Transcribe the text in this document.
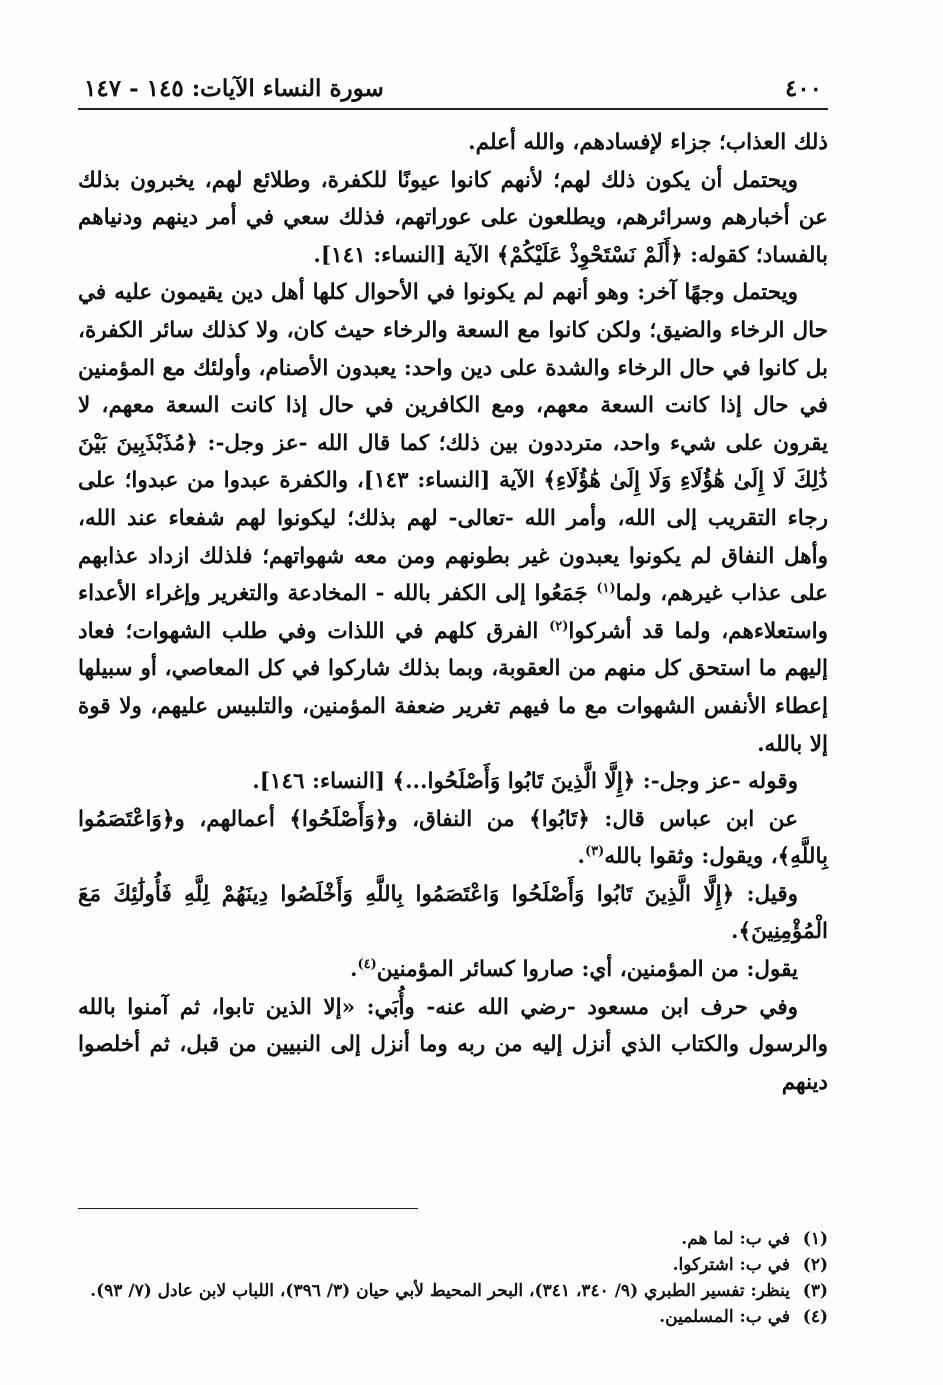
٤٠٠
سورة النساء الآيات: ١٤٥ - ١٤٧

ذلك العذاب؛ جزاء لإفسادهم، والله أعلم.

ويحتمل أن يكون ذلك لهم؛ لأنهم كانوا عيونًا للكفرة، وطلائع لهم، يخبرون بذلك عن أخبارهم وسرائرهم، ويطلعون على عوراتهم، فذلك سعي في أمر دينهم ودنياهم بالفساد؛ كقوله: ﴿أَلَمْ نَسْتَحْوِذْ عَلَيْكُمْ﴾ الآية [النساء: ١٤١].

ويحتمل وجهًا آخر: وهو أنهم لم يكونوا في الأحوال كلها أهل دين يقيمون عليه في حال الرخاء والضيق؛ ولكن كانوا مع السعة والرخاء حيث كان، ولا كذلك سائر الكفرة، بل كانوا في حال الرخاء والشدة على دين واحد: يعبدون الأصنام، وأولئك مع المؤمنين في حال إذا كانت السعة معهم، ومع الكافرين في حال إذا كانت السعة معهم، لا يقرون على شيء واحد، مترددون بين ذلك؛ كما قال الله -عز وجل-: ﴿مُذَبْذَبِينَ بَيْنَ ذَٰلِكَ لَا إِلَىٰ هَٰؤُلَاءِ وَلَا إِلَىٰ هَٰؤُلَاءِ﴾ الآية [النساء: ١٤٣]، والكفرة عبدوا من عبدوا؛ على رجاء التقريب إلى الله، وأمر الله -تعالى- لهم بذلك؛ ليكونوا لهم شفعاء عند الله، وأهل النفاق لم يكونوا يعبدون غير بطونهم ومن معه شهواتهم؛ فلذلك ازداد عذابهم على عذاب غيرهم، ولما$^{(١)}$ جَمَعُوا إلى الكفر بالله - المخادعة والتغرير وإغراء الأعداء واستعلاءهم، ولما قد أشركوا$^{(٢)}$ الفرق كلهم في اللذات وفي طلب الشهوات؛ فعاد إليهم ما استحق كل منهم من العقوبة، وبما بذلك شاركوا في كل المعاصي، أو سبيلها إعطاء الأنفس الشهوات مع ما فيهم تغرير ضعفة المؤمنين، والتلبيس عليهم، ولا قوة إلا بالله.

وقوله -عز وجل-: ﴿إِلَّا الَّذِينَ تَابُوا وَأَصْلَحُوا...﴾ [النساء: ١٤٦].

عن ابن عباس قال: ﴿تَابُوا﴾ من النفاق، و﴿وَأَصْلَحُوا﴾ أعمالهم، و﴿وَاعْتَصَمُوا بِاللَّهِ﴾، ويقول: وثقوا بالله$^{(٣)}$.

وقيل: ﴿إِلَّا الَّذِينَ تَابُوا وَأَصْلَحُوا وَاعْتَصَمُوا بِاللَّهِ وَأَخْلَصُوا دِينَهُمْ لِلَّهِ فَأُولَٰئِكَ مَعَ الْمُؤْمِنِينَ﴾.

يقول: من المؤمنين، أي: صاروا كسائر المؤمنين$^{(٤)}$.

وفي حرف ابن مسعود -رضي الله عنه- وأُبَي: «إلا الذين تابوا، ثم آمنوا بالله والرسول والكتاب الذي أنزل إليه من ربه وما أنزل إلى النبيين من قبل، ثم أخلصوا دينهم

(١)
في ب: لما هم.
(٢)
في ب: اشتركوا.
(٣)
ينظر: تفسير الطبري (٩/ ٣٤٠، ٣٤١)، البحر المحيط لأبي حيان (٣/ ٣٩٦)، اللباب لابن عادل (٧/ ٩٣).
(٤)
في ب: المسلمين.
